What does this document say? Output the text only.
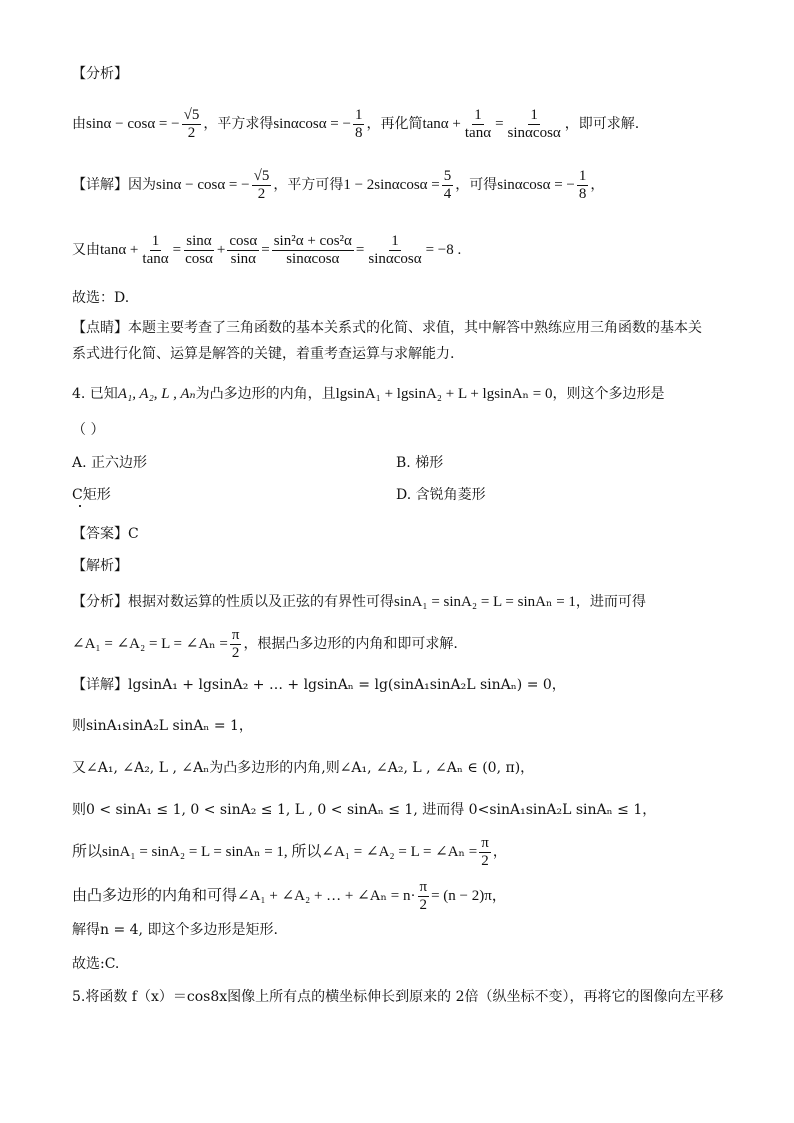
【分析】
由 sinα − cosα = − $\frac{√5}{2}$ ，平方求得 sinαcosα = − $\frac{1}{8}$ ，再化简 $\tan\alpha + \frac{1}{\tan\alpha} = \frac{1}{\sin\alpha\cos\alpha}$ ，即可求解.
【详解】 因为 sinα − cosα = − $\frac{√5}{2}$ ，平方可得 $1 - 2\sin\alpha\cos\alpha = \frac{5}{4}$ ，可得 sinαcosα = − $\frac{1}{8}$ ，
又由 $\tan\alpha + \frac{1}{\tan\alpha} = \frac{\sin\alpha}{\cos\alpha} + \frac{\cos\alpha}{\sin\alpha} = \frac{\text{sin²α + cos²α}}{\sin\alpha\cos\alpha} = \frac{1}{\sin\alpha\cos\alpha} = -8$ .
故选：D.
【点睛】本题主要考查了三角函数的基本关系式的化简、求值，其中解答中熟练应用三角函数的基本关系式进行化简、运算是解答的关键，着重考查运算与求解能力.
4. 已知A₁, A₂, L , Aₙ为凸多边形的内角，且lgsinA₁ + lgsinA₂ + L + lgsinAₙ = 0，则这个多边形是
（ ）
A. 正六边形	B. 梯形
C矩形	D. 含锐角菱形
【答案】C
【解析】
【分析】根据对数运算的性质以及正弦的有界性可得sinA₁ = sinA₂ = L = sinAₙ = 1，进而可得
∠A₁ = ∠A₂ = L = ∠Aₙ = $\frac{\pi}{2}$ ，根据凸多边形的内角和即可求解.
【详解】lgsinA₁ + lgsinA₂ + … + lgsinAₙ = lg(sinA₁sinA₂L sinAₙ) = 0，
则sinA₁sinA₂L sinAₙ = 1，
又∠A₁, ∠A₂, L , ∠Aₙ为凸多边形的内角,则∠A₁, ∠A₂, L , ∠Aₙ ∈ (0, π)，
则0 < sinA₁ ≤ 1, 0 < sinA₂ ≤ 1, L , 0 < sinAₙ ≤ 1, 进而得 0<sinA₁sinA₂L sinAₙ ≤ 1，
所以sinA₁ = sinA₂ = L = sinAₙ = 1, 所以∠A₁ = ∠A₂ = L = ∠Aₙ = $\frac{\pi}{2}$ ，
由凸多边形的内角和可得∠A₁ + ∠A₂ + … + ∠Aₙ = $n\cdot \frac{\pi}{2} = (n - 2)\pi$，
解得n = 4, 即这个多边形是矩形.
故选:C.
5.将函数 f（x）＝cos8x图像上所有点的横坐标伸长到原来的 2倍（纵坐标不变），再将它的图像向左平移
